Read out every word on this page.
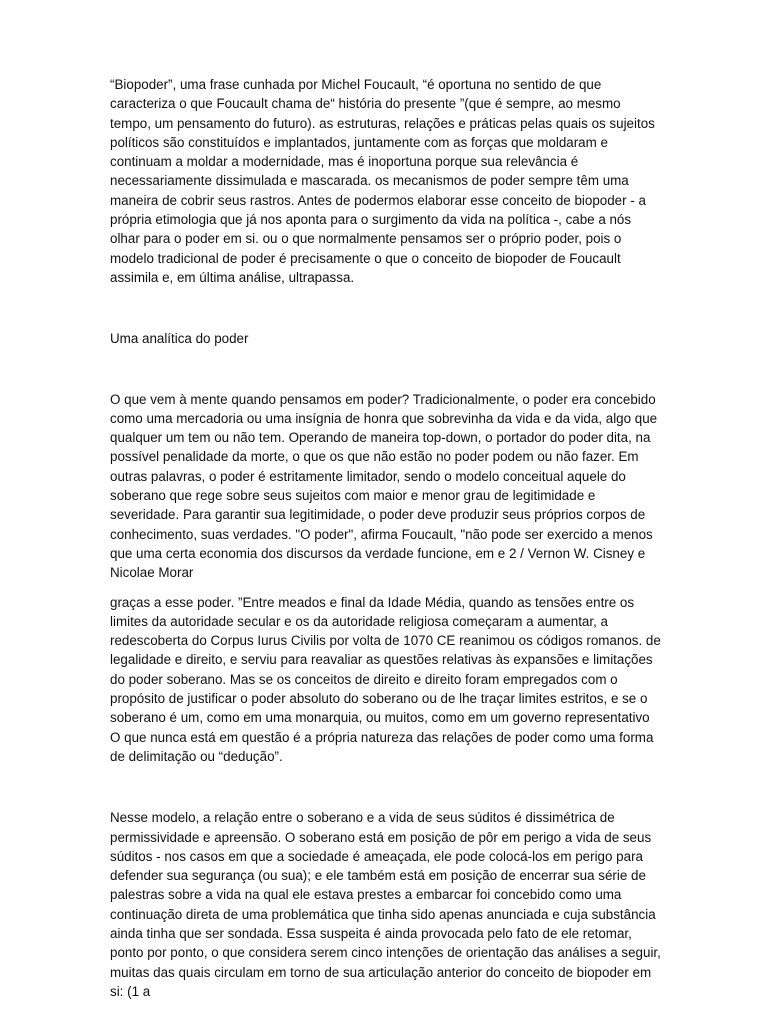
“Biopoder”, uma frase cunhada por Michel Foucault, “é oportuna no sentido de que caracteriza o que Foucault chama de“ história do presente ”(que é sempre, ao mesmo tempo, um pensamento do futuro). as estruturas, relações e práticas pelas quais os sujeitos políticos são constituídos e implantados, juntamente com as forças que moldaram e continuam a moldar a modernidade, mas é inoportuna porque sua relevância é necessariamente dissimulada e mascarada. os mecanismos de poder sempre têm uma maneira de cobrir seus rastros. Antes de podermos elaborar esse conceito de biopoder - a própria etimologia que já nos aponta para o surgimento da vida na política -, cabe a nós olhar para o poder em si. ou o que normalmente pensamos ser o próprio poder, pois o modelo tradicional de poder é precisamente o que o conceito de biopoder de Foucault assimila e, em última análise, ultrapassa.

Uma analítica do poder

O que vem à mente quando pensamos em poder? Tradicionalmente, o poder era concebido como uma mercadoria ou uma insígnia de honra que sobrevinha da vida e da vida, algo que qualquer um tem ou não tem. Operando de maneira top-down, o portador do poder dita, na possível penalidade da morte, o que os que não estão no poder podem ou não fazer. Em outras palavras, o poder é estritamente limitador, sendo o modelo conceitual aquele do soberano que rege sobre seus sujeitos com maior e menor grau de legitimidade e severidade. Para garantir sua legitimidade, o poder deve produzir seus próprios corpos de conhecimento, suas verdades. "O poder", afirma Foucault, "não pode ser exercido a menos que uma certa economia dos discursos da verdade funcione, em e 2 / Vernon W. Cisney e Nicolae Morar

graças a esse poder. ”Entre meados e final da Idade Média, quando as tensões entre os limites da autoridade secular e os da autoridade religiosa começaram a aumentar, a redescoberta do Corpus Iurus Civilis por volta de 1070 CE reanimou os códigos romanos. de legalidade e direito, e serviu para reavaliar as questões relativas às expansões e limitações do poder soberano. Mas se os conceitos de direito e direito foram empregados com o propósito de justificar o poder absoluto do soberano ou de lhe traçar limites estritos, e se o soberano é um, como em uma monarquia, ou muitos, como em um governo representativo O que nunca está em questão é a própria natureza das relações de poder como uma forma de delimitação ou “dedução”.

Nesse modelo, a relação entre o soberano e a vida de seus súditos é dissimétrica de permissividade e apreensão. O soberano está em posição de pôr em perigo a vida de seus súditos - nos casos em que a sociedade é ameaçada, ele pode colocá-los em perigo para defender sua segurança (ou sua); e ele também está em posição de encerrar sua série de palestras sobre a vida na qual ele estava prestes a embarcar foi concebido como uma continuação direta de uma problemática que tinha sido apenas anunciada e cuja substância ainda tinha que ser sondada. Essa suspeita é ainda provocada pelo fato de ele retomar, ponto por ponto, o que considera serem cinco intenções de orientação das análises a seguir, muitas das quais circulam em torno de sua articulação anterior do conceito de biopoder em si: (1 a
